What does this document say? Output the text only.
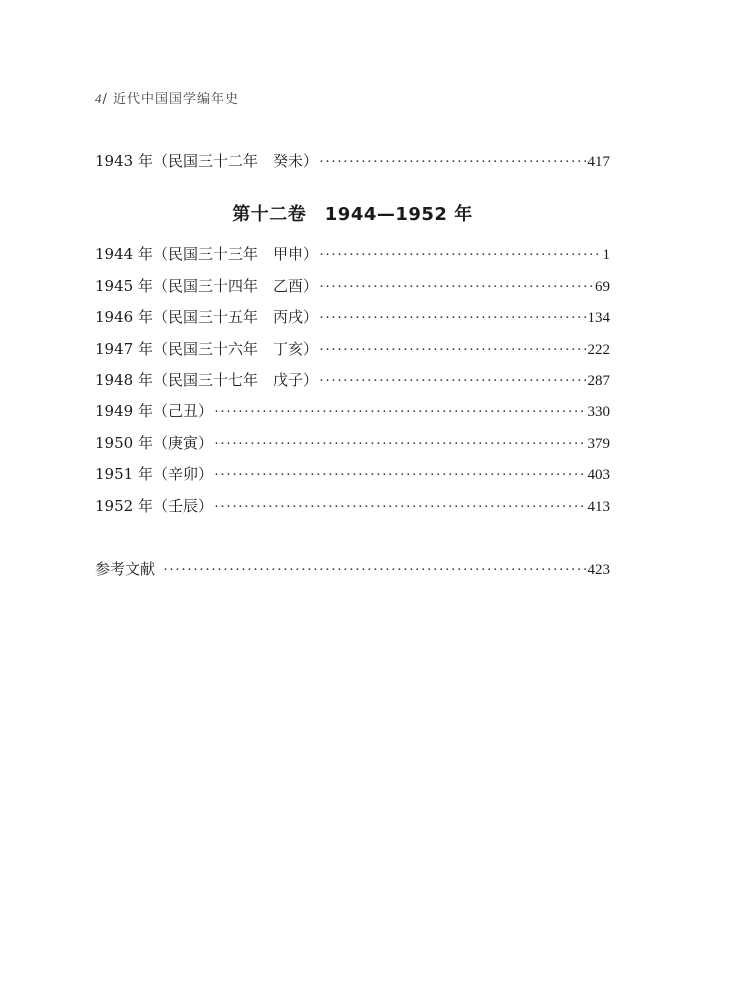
4/ 近代中国国学编年史
1943 年（民国三十二年　癸未） ·····	417
第十二卷　1944—1952 年
1944 年（民国三十三年　甲申） ·····	1
1945 年（民国三十四年　乙酉） ·····	69
1946 年（民国三十五年　丙戌） ·····	134
1947 年（民国三十六年　丁亥） ·····	222
1948 年（民国三十七年　戊子） ·····	287
1949 年（己丑） ·····	330
1950 年（庚寅） ·····	379
1951 年（辛卯） ·····	403
1952 年（壬辰） ·····	413
参考文献 ·····	423
